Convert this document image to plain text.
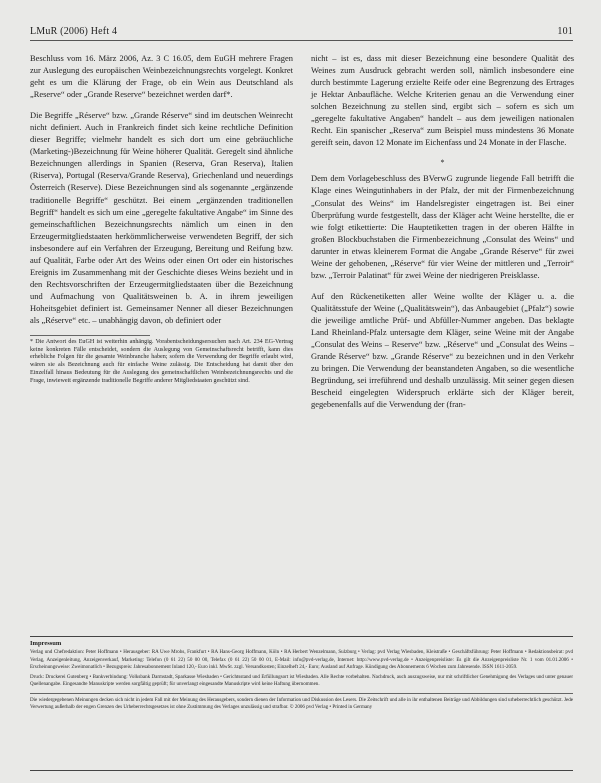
LMuR (2006) Heft 4	101

Beschluss vom 16. März 2006, Az. 3 C 16.05, dem EuGH mehrere Fragen zur Auslegung des europäischen Weinbezeichnungsrechts vorgelegt. Konkret geht es um die Klärung der Frage, ob ein Wein aus Deutschland als „Reserve“ oder „Grande Reserve“ bezeichnet werden darf*.

Die Begriffe „Réserve“ bzw. „Grande Réserve“ sind im deutschen Weinrecht nicht definiert. Auch in Frankreich findet sich keine rechtliche Definition dieser Begriffe; vielmehr handelt es sich dort um eine gebräuchliche (Marketing-)Bezeichnung für Weine höherer Qualität. Geregelt sind ähnliche Bezeichnungen allerdings in Spanien (Reserva, Gran Reserva), Italien (Riserva), Portugal (Reserva/Grande Reserva), Griechenland und neuerdings Österreich (Reserve). Diese Bezeichnungen sind als sogenannte „ergänzende traditionelle Begriffe“ geschützt. Bei einem „ergänzenden traditionellen Begriff“ handelt es sich um eine „geregelte fakultative Angabe“ im Sinne des gemeinschaftlichen Bezeichnungsrechts nämlich um einen in den Erzeugermitgliedstaaten herkömmlicherweise verwendeten Begriff, der sich insbesondere auf ein Verfahren der Erzeugung, Bereitung und Reifung bzw. auf Qualität, Farbe oder Art des Weins oder einen Ort oder ein historisches Ereignis im Zusammenhang mit der Geschichte dieses Weins bezieht und in den Rechtsvorschriften der Erzeugermitgliedstaaten über die Bezeichnung und Aufmachung von Qualitätsweinen b. A. in ihrem jeweiligen Hoheitsgebiet definiert ist. Gemeinsamer Nenner all dieser Bezeichnungen als „Réserve“ etc. – unabhängig davon, ob definiert oder

* Die Antwort des EuGH ist weiterhin anhängig. Vorabentscheidungsersuchen nach Art. 234 EG-Vertrag keine konkreten Fälle entscheidet, sondern die Auslegung von Gemeinschaftsrecht betrifft, kann dies erhebliche Folgen für die gesamte Weinbranche haben; sofern die Verwendung der Begriffe erlaubt wird, wären sie als Bezeichnung auch für einfache Weine zulässig. Die Entscheidung hat damit über den Einzelfall hinaus Bedeutung für die Auslegung des gemeinschaftlichen Weinbezeichnungsrechts und die Frage, inwieweit ergänzende traditionelle Begriffe anderer Mitgliedstaaten geschützt sind.

nicht – ist es, dass mit dieser Bezeichnung eine besondere Qualität des Weines zum Ausdruck gebracht werden soll, nämlich insbesondere eine durch bestimmte Lagerung erzielte Reife oder eine Begrenzung des Ertrages je Hektar Anbaufläche. Welche Kriterien genau an die Verwendung einer solchen Bezeichnung zu stellen sind, ergibt sich – sofern es sich um „geregelte fakultative Angaben“ handelt – aus dem jeweiligen nationalen Recht. Ein spanischer „Reserva“ zum Beispiel muss mindestens 36 Monate gereift sein, davon 12 Monate im Eichenfass und 24 Monate in der Flasche.

*

Dem dem Vorlagebeschluss des BVerwG zugrunde liegende Fall betrifft die Klage eines Weingutinhabers in der Pfalz, der mit der Firmenbezeichnung „Consulat des Weins“ im Handelsregister eingetragen ist. Bei einer Überprüfung wurde festgestellt, dass der Kläger acht Weine herstellte, die er wie folgt etikettierte: Die Hauptetiketten tragen in der oberen Hälfte in großen Blockbuchstaben die Firmenbezeichnung „Consulat des Weins“ und darunter in etwas kleinerem Format die Angabe „Grande Réserve“ für zwei Weine der gehobenen, „Réserve“ für vier Weine der mittleren und „Terroir“ bzw. „Terroir Palatinat“ für zwei Weine der niedrigeren Preisklasse.

Auf den Rückenetiketten aller Weine wollte der Kläger u. a. die Qualitätsstufe der Weine („Qualitätswein“), das Anbaugebiet („Pfalz“) sowie die jeweilige amtliche Prüf- und Abfüller-Nummer angeben. Das beklagte Land Rheinland-Pfalz untersagte dem Kläger, seine Weine mit der Angabe „Consulat des Weins – Reserve“ bzw. „Réserve“ und „Consulat des Weins – Grande Réserve“ bzw. „Grande Réserve“ zu bezeichnen und in den Verkehr zu bringen. Die Verwendung der beanstandeten Angaben, so die wesentliche Begründung, sei irreführend und deshalb unzulässig. Mit seiner gegen diesen Bescheid eingelegten Widerspruch erklärte sich der Kläger bereit, gegebenenfalls auf die Verwendung der (fran-

Impressum

Verlag und Chefredaktion: Peter Hoffmann • Herausgeber: RA Uwe Mrohs, Frankfurt • RA Hans-Georg Hoffmann, Köln • RA Herbert Wenzelmann, Sulzburg • Verlag: pvd Verlag Wiesbaden, Kleistraße • Geschäftsführung: Peter Hoffmann • Redaktionsbeirat: pvd Verlag, Anzeigenleitung, Anzeigenverkauf, Marketing: Telefon (0 61 22) 50 00 00, Telefax (0 61 22) 50 00 01, E-Mail: info@pvd-verlag.de, Internet: http://www.pvd-verlag.de • Anzeigenpreisliste: Es gilt die Anzeigenpreisliste Nr. 1 vom 01.01.2006 • Erscheinungsweise: Zweimonatlich • Bezugspreis: Jahresabonnement Inland 120,- Euro inkl. MwSt. zzgl. Versandkosten; Einzelheft 24,- Euro; Ausland auf Anfrage. Kündigung des Abonnements 6 Wochen zum Jahresende. ISSN 1611-2059.

Druck: Druckerei Gutenberg • Bankverbindung: Volksbank Darmstadt, Sparkasse Wiesbaden • Gerichtsstand und Erfüllungsort ist Wiesbaden. Alle Rechte vorbehalten. Nachdruck, auch auszugsweise, nur mit schriftlicher Genehmigung des Verlages und unter genauer Quellenangabe. Eingesandte Manuskripte werden sorgfältig geprüft; für unverlangt eingesandte Manuskripte wird keine Haftung übernommen.

Die wiedergegebenen Meinungen decken sich nicht in jedem Fall mit der Meinung des Herausgebers, sondern dienen der Information und Diskussion des Lesers. Die Zeitschrift und alle in ihr enthaltenen Beiträge und Abbildungen sind urheberrechtlich geschützt. Jede Verwertung außerhalb der engen Grenzen des Urheberrechtsgesetzes ist ohne Zustimmung des Verlages unzulässig und strafbar. © 2006 pvd Verlag • Printed in Germany
